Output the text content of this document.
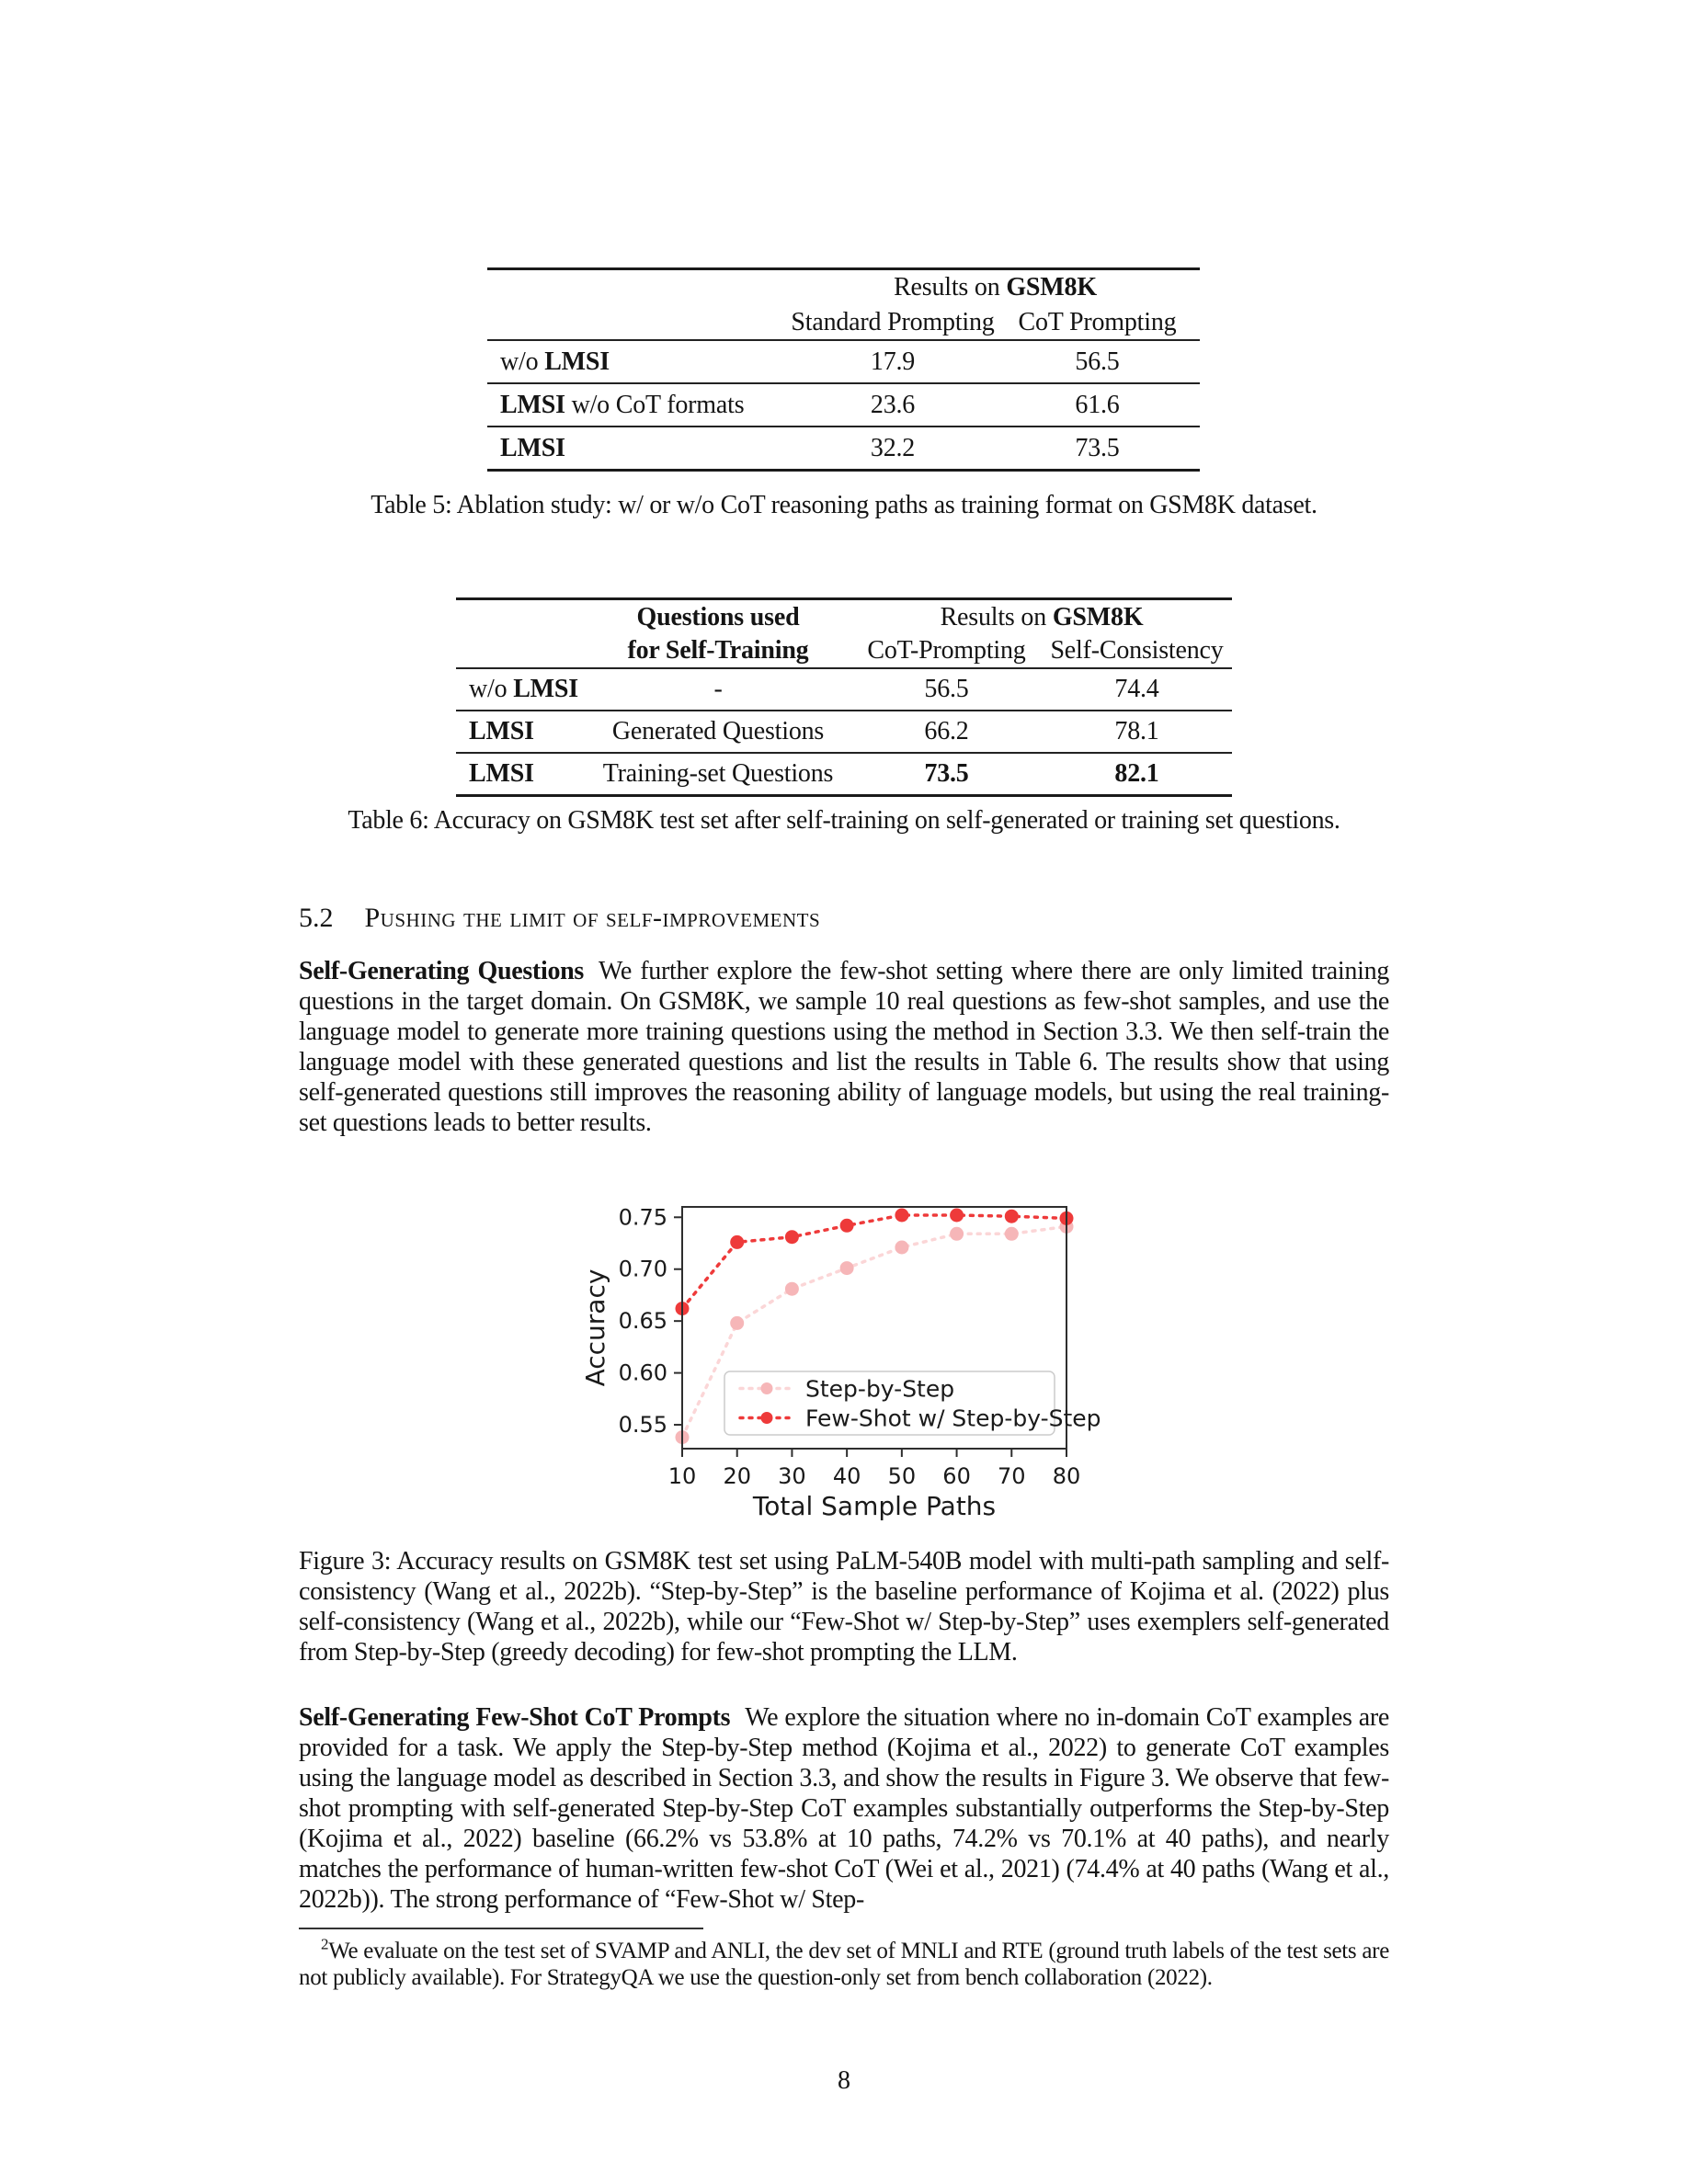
Results on GSM8K
Standard Prompting CoT Prompting
w/o LMSI	17.9	56.5
LMSI w/o CoT formats	23.6	61.6
LMSI	32.2	73.5
Table 5: Ablation study: w/ or w/o CoT reasoning paths as training format on GSM8K dataset.
Questions used	Results on GSM8K
for Self-Training	CoT-Prompting Self-Consistency
w/o LMSI	-	56.5	74.4
LMSI	Generated Questions	66.2	78.1
LMSI	Training-set Questions	73.5	82.1
Table 6: Accuracy on GSM8K test set after self-training on self-generated or training set questions.
5.2 Pushing the limit of self-improvements
Self-Generating Questions We further explore the few-shot setting where there are only limited training questions in the target domain. On GSM8K, we sample 10 real questions as few-shot samples, and use the language model to generate more training questions using the method in Section 3.3. We then self-train the language model with these generated questions and list the results in Table 6. The results show that using self-generated questions still improves the reasoning ability of language models, but using the real training-set questions leads to better results.
0.55
0.60
0.65
0.70
0.75
10 20 30 40 50 60 70 80
Total Sample Paths
Accuracy
Step-by-Step
Few-Shot w/ Step-by-Step
Figure 3: Accuracy results on GSM8K test set using PaLM-540B model with multi-path sampling and self-consistency (Wang et al., 2022b). “Step-by-Step” is the baseline performance of Kojima et al. (2022) plus self-consistency (Wang et al., 2022b), while our “Few-Shot w/ Step-by-Step” uses exemplers self-generated from Step-by-Step (greedy decoding) for few-shot prompting the LLM.
Self-Generating Few-Shot CoT Prompts We explore the situation where no in-domain CoT examples are provided for a task. We apply the Step-by-Step method (Kojima et al., 2022) to generate CoT examples using the language model as described in Section 3.3, and show the results in Figure 3. We observe that few-shot prompting with self-generated Step-by-Step CoT examples substantially outperforms the Step-by-Step (Kojima et al., 2022) baseline (66.2% vs 53.8% at 10 paths, 74.2% vs 70.1% at 40 paths), and nearly matches the performance of human-written few-shot CoT (Wei et al., 2021) (74.4% at 40 paths (Wang et al., 2022b)). The strong performance of “Few-Shot w/ Step-
$^2$We evaluate on the test set of SVAMP and ANLI, the dev set of MNLI and RTE (ground truth labels of the test sets are not publicly available). For StrategyQA we use the question-only set from bench collaboration (2022).
8
